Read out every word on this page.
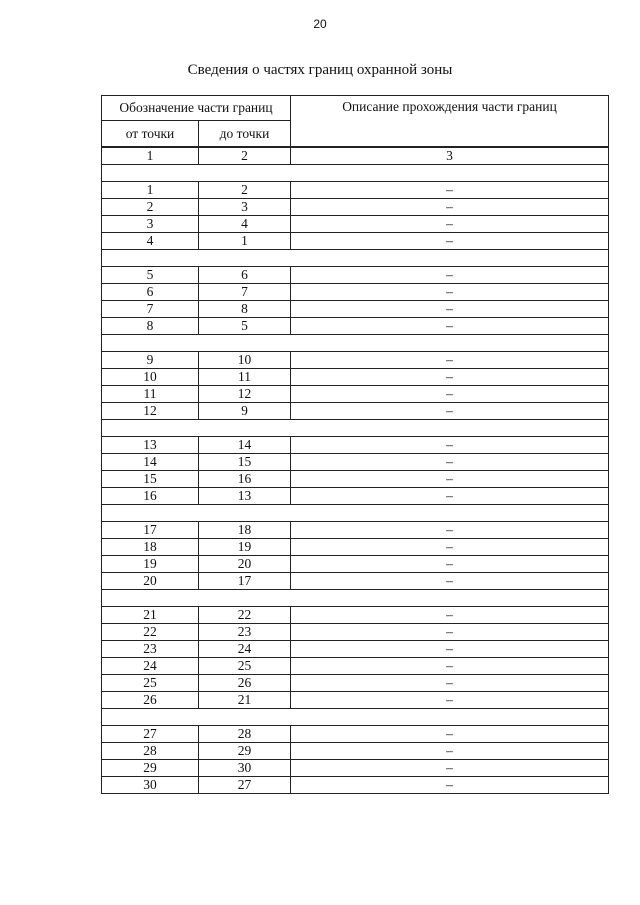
20
Сведения о частях границ охранной зоны
Обозначение части границ		Описание прохождения части границ
от точки	до точки	
1	2	3

1	2	–
2	3	–
3	4	–
4	1	–

5	6	–
6	7	–
7	8	–
8	5	–

9	10	–
10	11	–
11	12	–
12	9	–

13	14	–
14	15	–
15	16	–
16	13	–

17	18	–
18	19	–
19	20	–
20	17	–

21	22	–
22	23	–
23	24	–
24	25	–
25	26	–
26	21	–

27	28	–
28	29	–
29	30	–
30	27	–
